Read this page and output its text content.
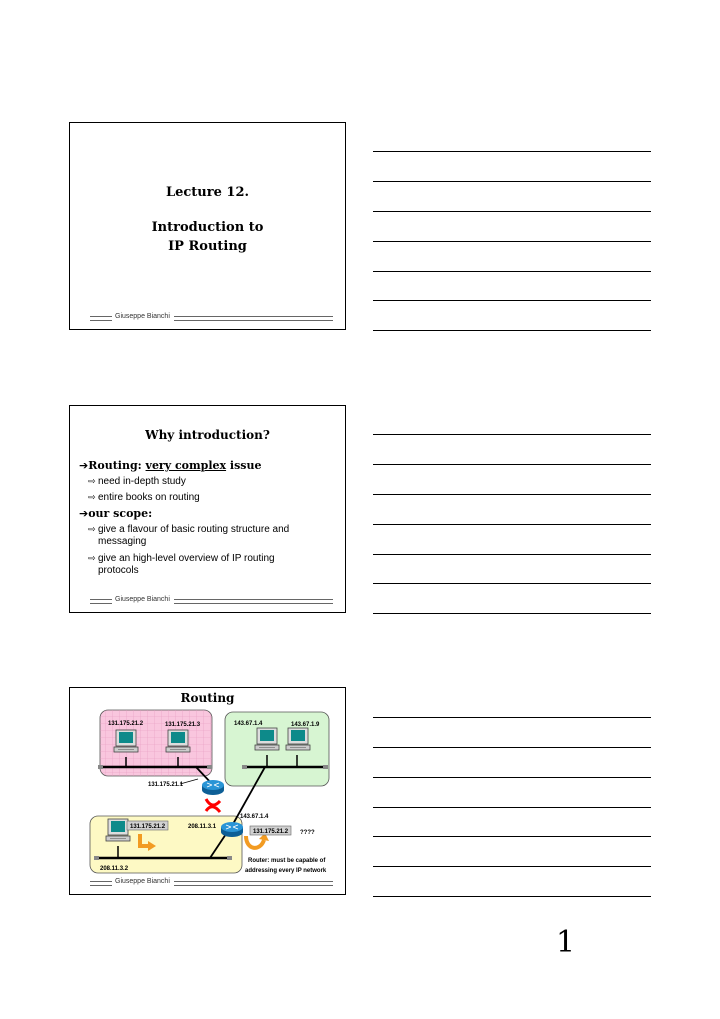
Lecture 12.
Introduction to
IP Routing
Giuseppe Bianchi
Why introduction?
➔Routing: very complex issue
⇨ need in-depth study
⇨ entire books on routing
➔our scope:
⇨ give a flavour of basic routing structure and messaging
⇨ give an high-level overview of IP routing protocols
Giuseppe Bianchi
Routing
131.175.21.2	131.175.21.3	143.67.1.4	143.67.1.9
131.175.21.1
143.67.1.4
208.11.3.1
131.175.21.2
131.175.21.2 ????
208.11.3.2
Router: must be capable of
addressing every IP network
Giuseppe Bianchi
1
